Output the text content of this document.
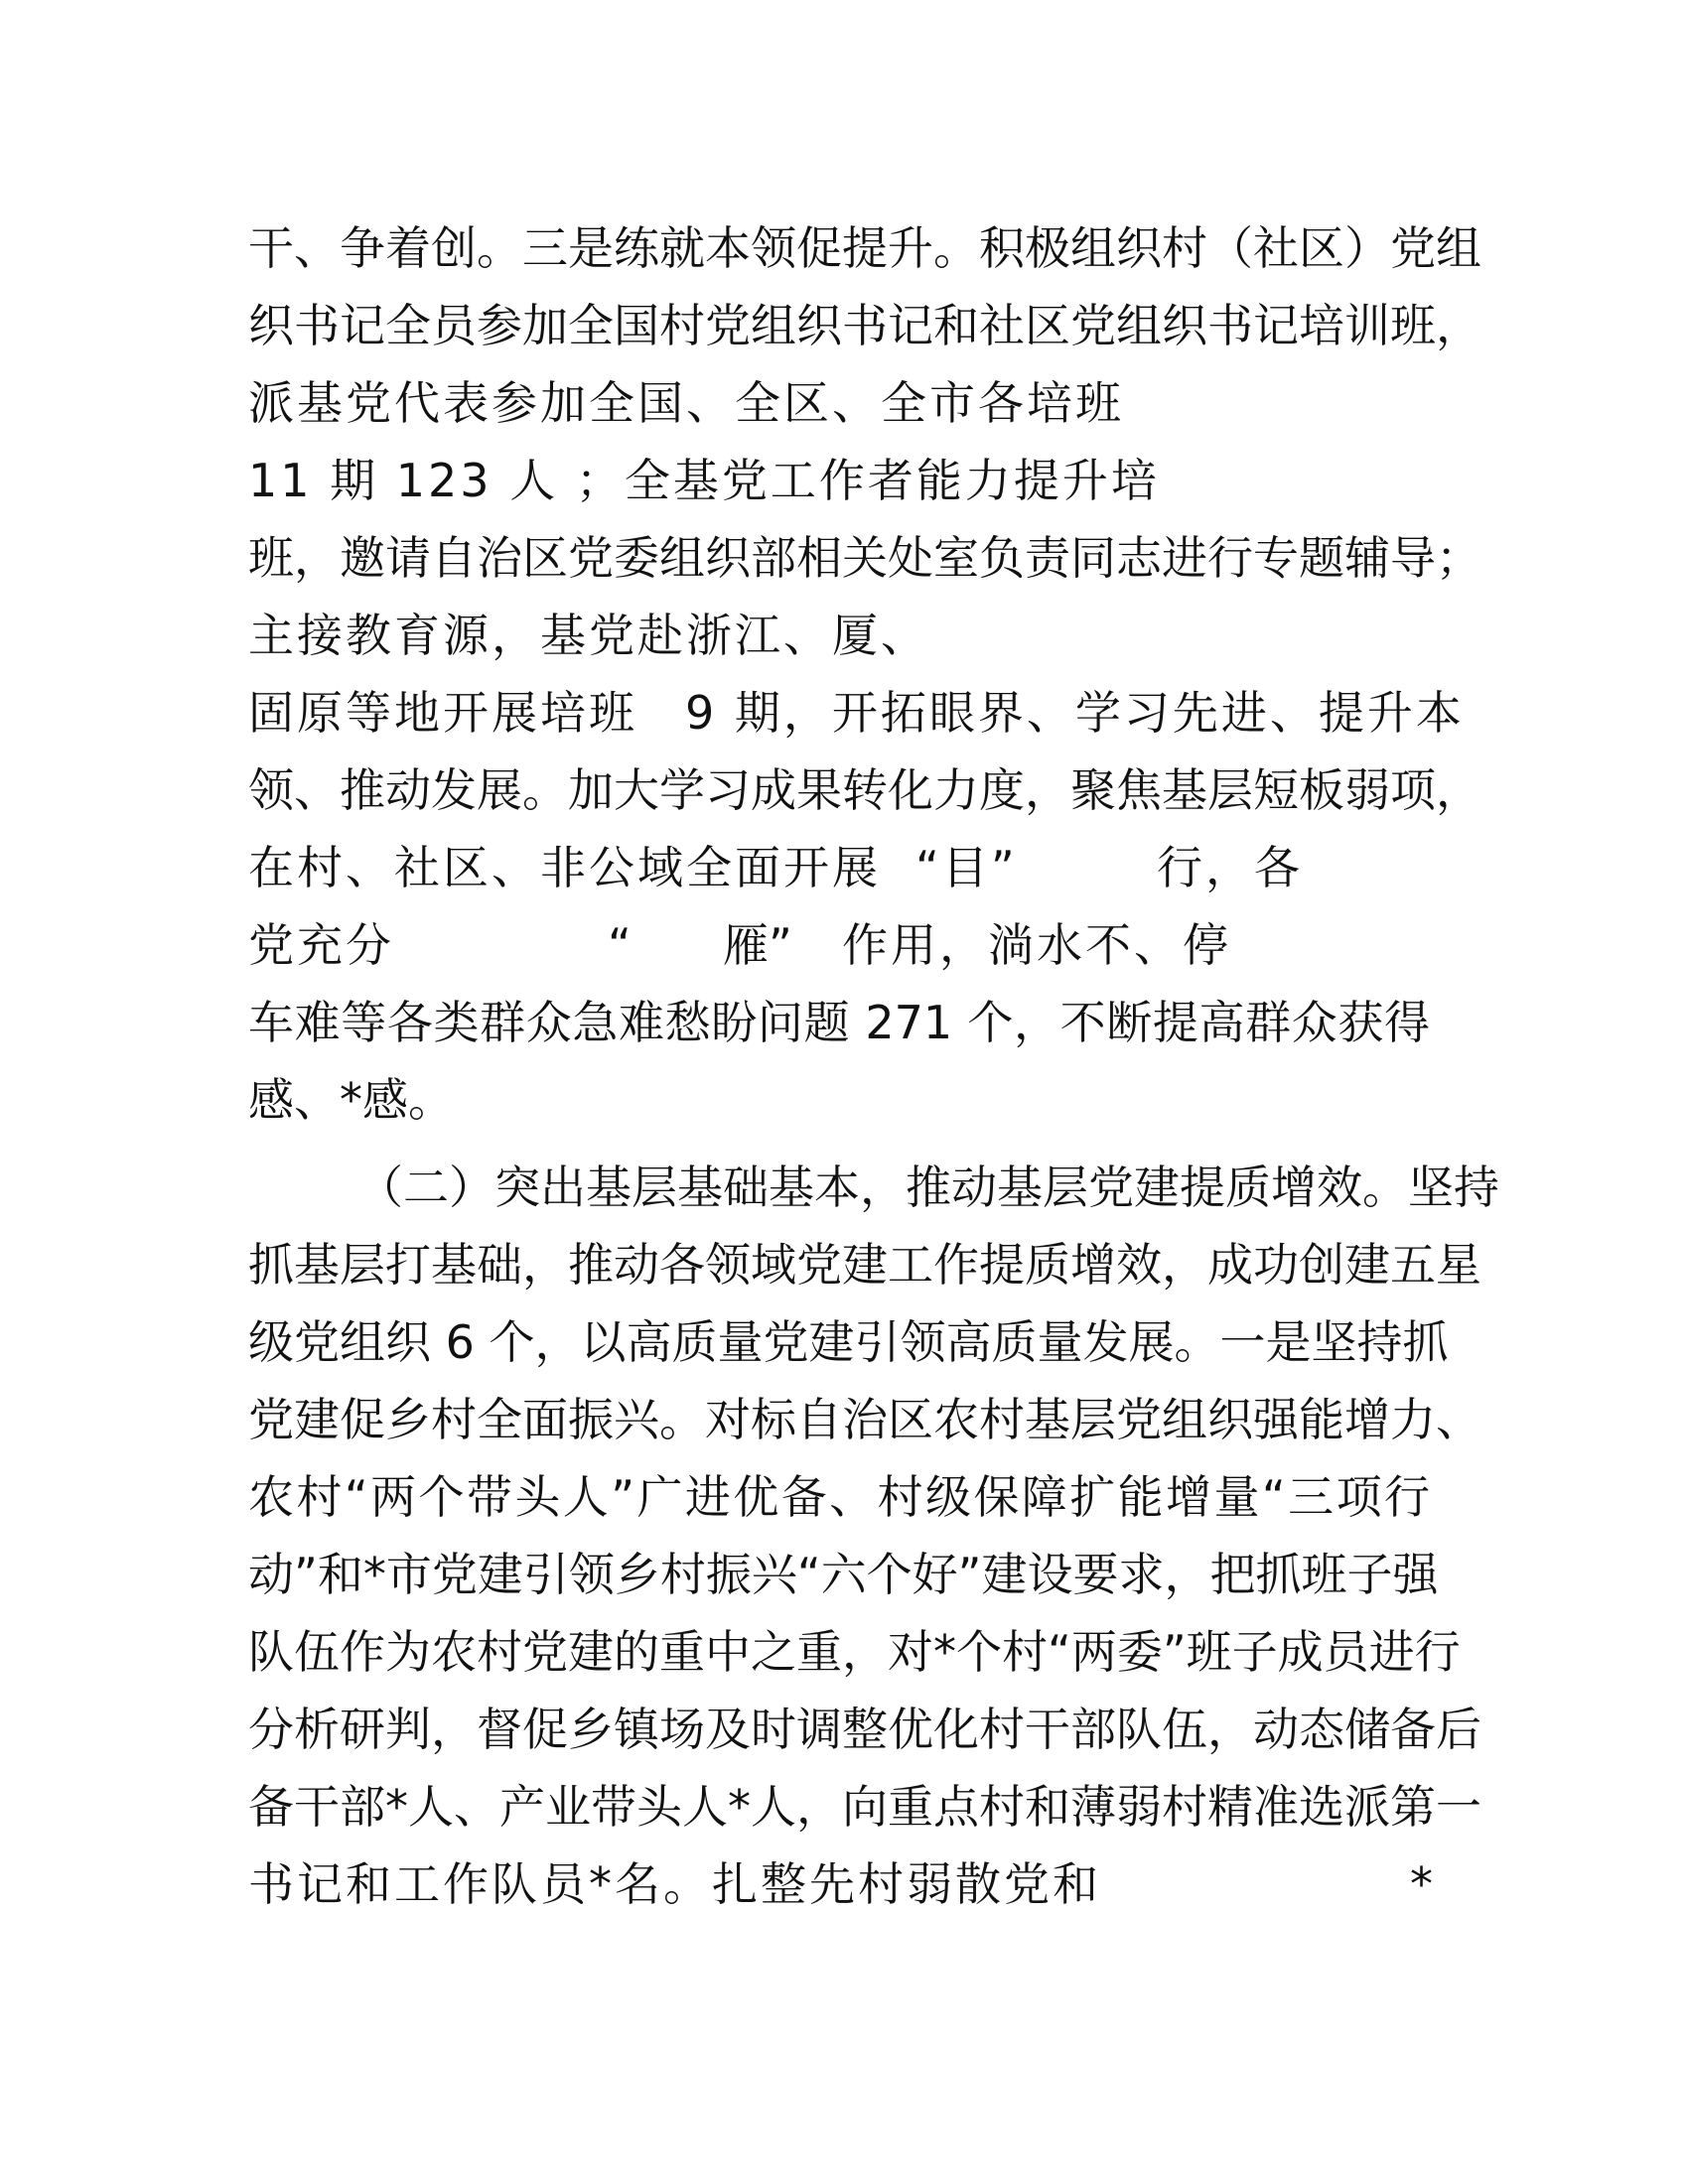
干、争着创。三是练就本领促提升。积极组织村（社区）党组
织书记全员参加全国村党组织书记和社区党组织书记培训班，
派基党代表参加全国、全区、全市各培班
11 期 123 人 ；全基党工作者能力提升培
班，邀请自治区党委组织部相关处室负责同志进行专题辅导；
主接教育源，基党赴浙江、厦、

固原等地开展培班

9 期，开拓眼界、学习先进、提升本

领、推动发展。加大学习成果转化力度，聚焦基层短板弱项，

在村、社区、非公域全面开展

“目”

	行，各

党充分

	“

雁”

作用，淌水不、停

车难等各类群众急难愁盼问题 271 个，不断提高群众获得
感、*感。
（二）突出基层基础基本，推动基层党建提质增效。坚持
抓基层打基础，推动各领域党建工作提质增效，成功创建五星
级党组织 6 个，以高质量党建引领高质量发展。一是坚持抓
党建促乡村全面振兴。对标自治区农村基层党组织强能增力、
农村“两个带头人”广进优备、村级保障扩能增量“三项行
动”和*市党建引领乡村振兴“六个好”建设要求，把抓班子强
队伍作为农村党建的重中之重，对*个村“两委”班子成员进行
分析研判，督促乡镇场及时调整优化村干部队伍，动态储备后
备干部*人、产业带头人*人，向重点村和薄弱村精准选派第一

书记和工作队员*名。扎整先村弱散党和

	*
